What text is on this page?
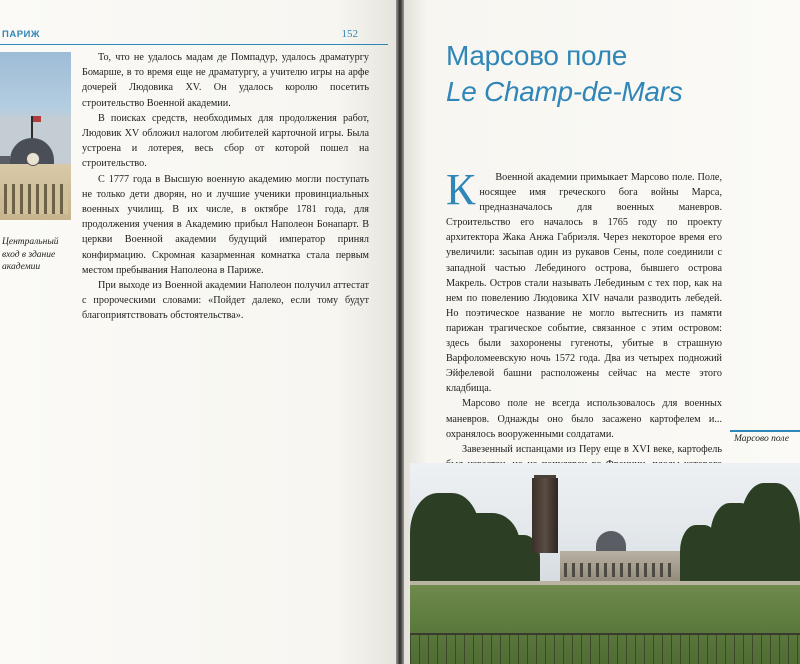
ПАРИЖ	152
Центральный вход в здание академии

То, что не удалось мадам де Помпадур, удалось драматургу Бомарше, в то время еще не драматургу, а учителю игры на арфе дочерей Людовика XV. Он удалось королю посетить строительство Военной академии.

В поисках средств, необходимых для продолжения работ, Людовик XV обложил налогом любителей карточной игры. Была устроена и лотерея, весь сбор от которой пошел на строительство.

С 1777 года в Высшую военную академию могли поступать не только дети дворян, но и лучшие ученики провинциальных военных училищ. В их числе, в октябре 1781 года, для продолжения учения в Академию прибыл Наполеон Бонапарт. В церкви Военной академии будущий император принял конфирмацию. Скромная казарменная комнатка стала первым местом пребывания Наполеона в Париже.

При выходе из Военной академии Наполеон получил аттестат с пророческими словами: «Пойдет далеко, если тому будут благоприятствовать обстоятельства».

Марсово поле
Le Champ-de-Mars

К Военной академии примыкает Марсово поле. Поле, носящее имя греческого бога войны Марса, предназначалось для военных маневров. Строительство его началось в 1765 году по проекту архитектора Жака Анжа Габриэля. Через некоторое время его увеличили: засыпав один из рукавов Сены, поле соединили с западной частью Лебединого острова, бывшего острова Макрель. Остров стали называть Лебединым с тех пор, как на нем по повелению Людовика XIV начали разводить лебедей. Но поэтическое название не могло вытеснить из памяти парижан трагическое событие, связанное с этим островом: здесь были захоронены гугеноты, убитые в страшную Варфоломеевскую ночь 1572 года. Два из четырех подножий Эйфелевой башни расположены сейчас на месте этого кладбища.

Марсово поле не всегда использовалось для военных маневров. Однажды оно было засажено картофелем и... охранялось вооруженными солдатами.

Завезенный испанцами из Перу еще в XVI веке, картофель

Марсово поле
